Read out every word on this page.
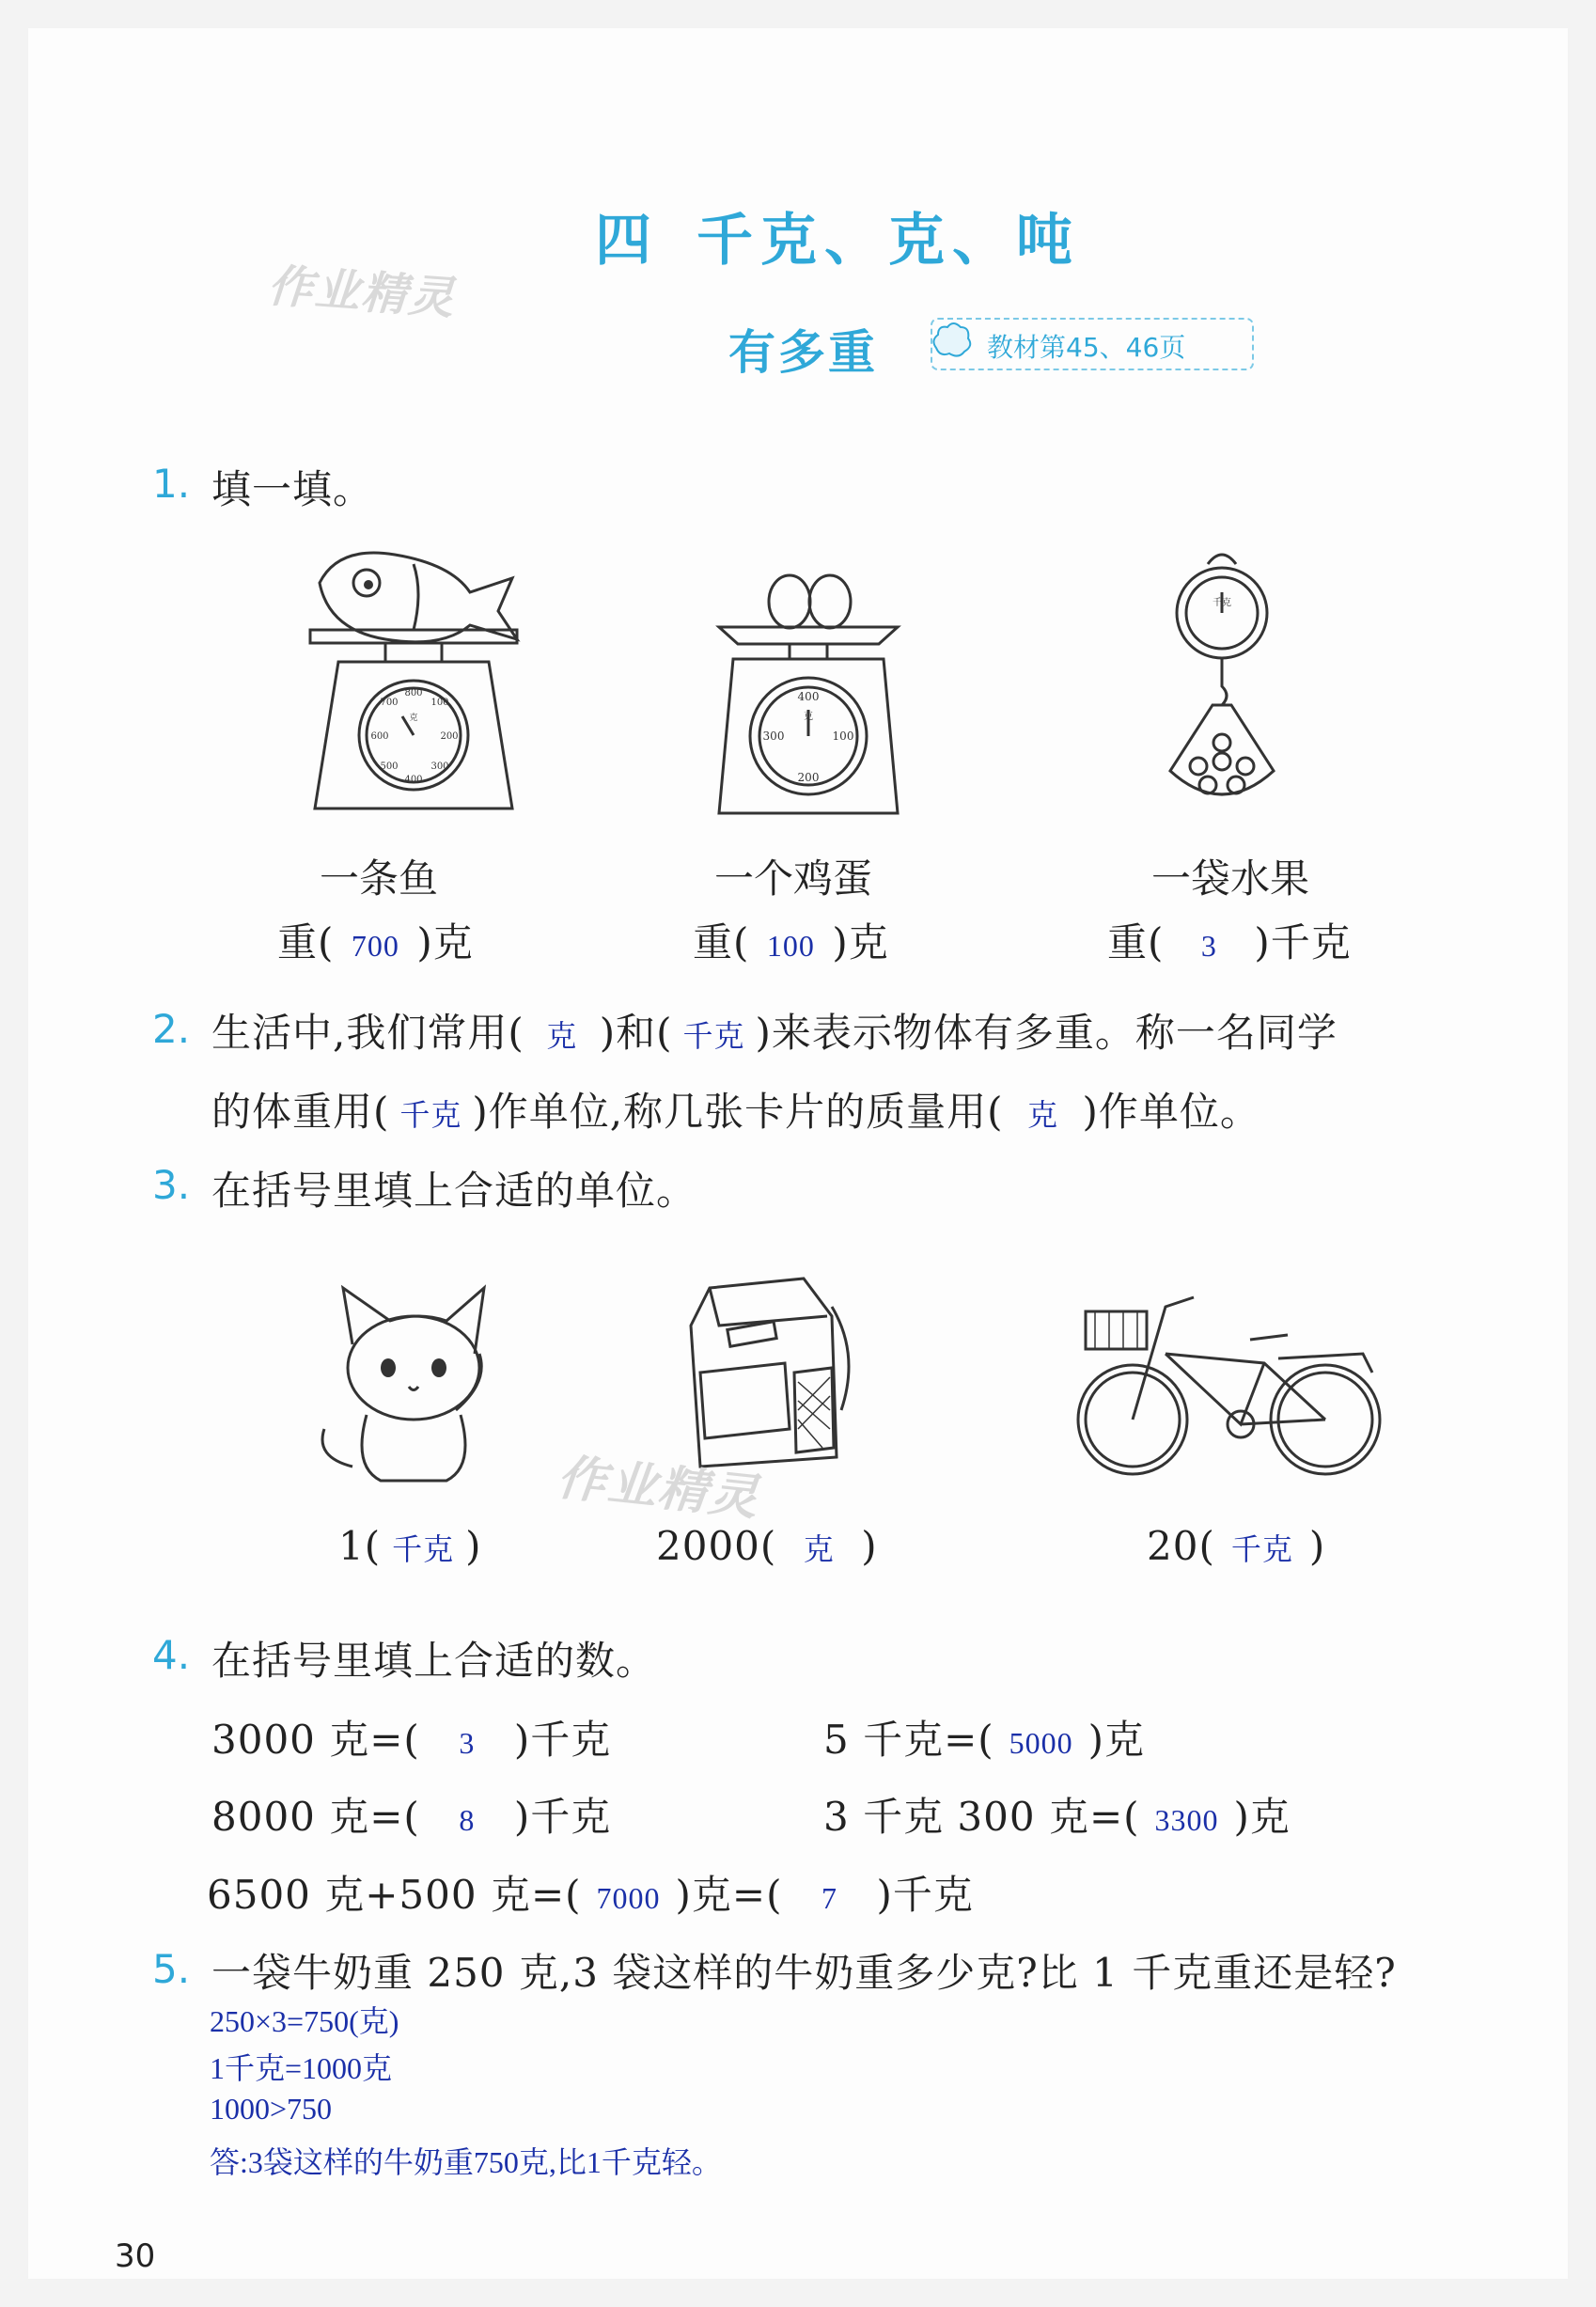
四 千克、克、吨
作业精灵
有多重	教材第45、46页
1. 填一填。
800
100
700
200
600
500	300
400
克
400
300	100
200
克
千克
一条鱼	一个鸡蛋	一袋水果
重( 700 )克	重( 100 )克	重( 3 )千克
2. 生活中,我们常用( 克 )和( 千克 )来表示物体有多重。称一名同学
的体重用( 千克 )作单位,称几张卡片的质量用( 克 )作单位。
3. 在括号里填上合适的单位。
作业精灵
1( 千克 )	2000( 克 )	20( 千克 )
4. 在括号里填上合适的数。
3000 克=( 3 )千克	5 千克=( 5000 )克
8000 克=( 8 )千克	3 千克 300 克=( 3300 )克
6500 克+500 克=( 7000 )克=( 7 )千克
5. 一袋牛奶重 250 克,3 袋这样的牛奶重多少克?比 1 千克重还是轻?
250×3=750(克)
1千克=1000克
1000>750
答:3袋这样的牛奶重750克,比1千克轻。
30
